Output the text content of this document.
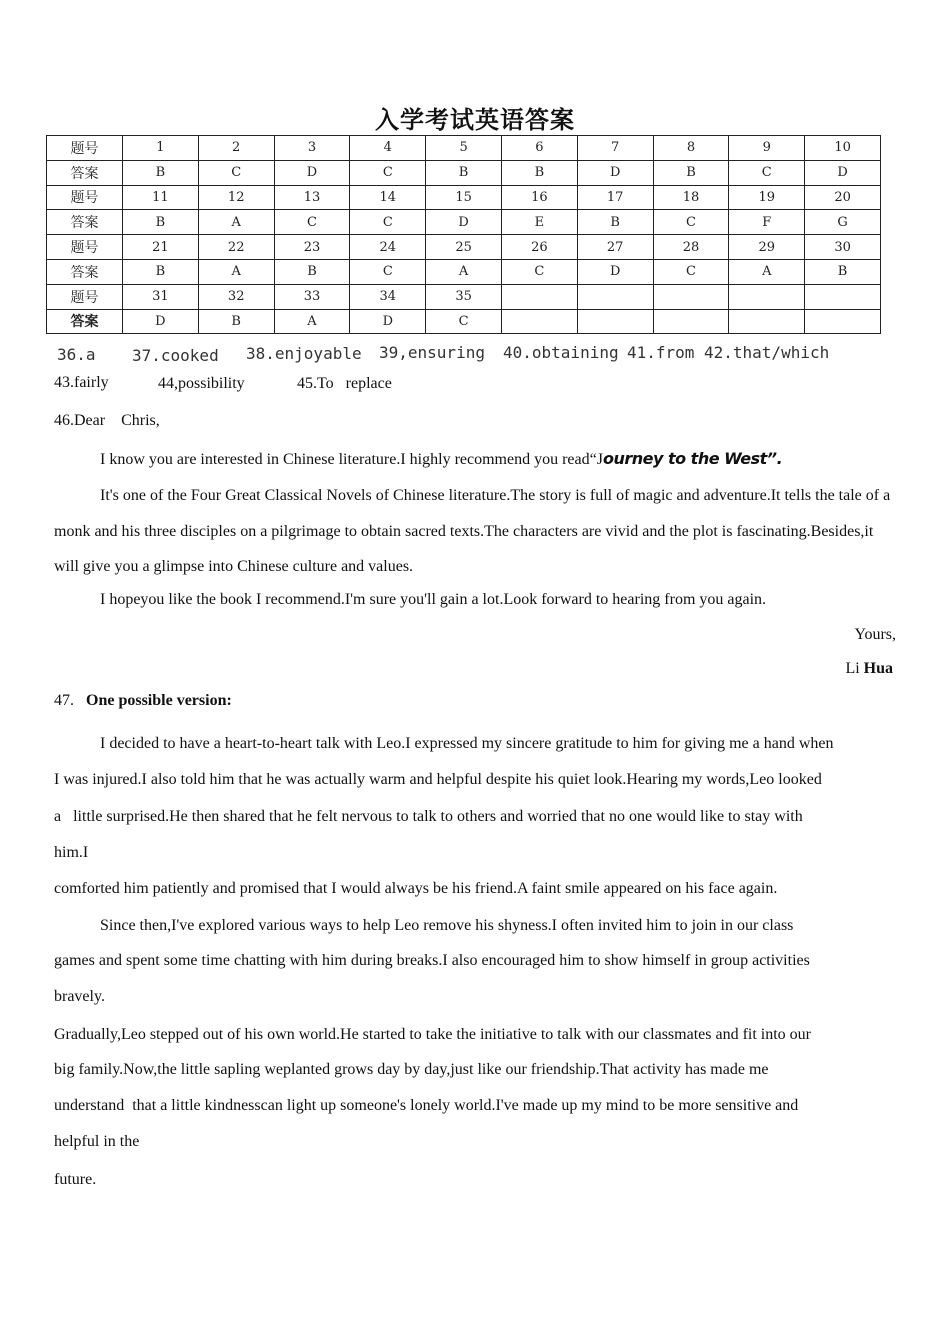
入学考试英语答案
题号	1	2	3	4	5	6	7	8	9	10
答案	B	C	D	C	B	B	D	B	C	D
题号	11	12	13	14	15	16	17	18	19	20
答案	B	A	C	C	D	E	B	C	F	G
题号	21	22	23	24	25	26	27	28	29	30
答案	B	A	B	C	A	C	D	C	A	B
题号	31	32	33	34	35					
答案	D	B	A	D	C					
36.a 37.cooked 38.enjoyable 39,ensuring 40.obtaining 41.from 42.that/which
43.fairly	44,possibility	45.To   replace
46.Dear    Chris,
I know you are interested in Chinese literature.I highly recommend you read“Journey to the West”.
It's one of the Four Great Classical Novels of Chinese literature.The story is full of magic and adventure.It tells the tale of a monk and his three disciples on a pilgrimage to obtain sacred texts.The characters are vivid and the plot is fascinating.Besides,it will give you a glimpse into Chinese culture and values.
I hopeyou like the book I recommend.I'm sure you'll gain a lot.Look forward to hearing from you again.
Yours,
Li Hua
47. One possible version:
I decided to have a heart-to-heart talk with Leo.I expressed my sincere gratitude to him for giving me a hand when
I was injured.I also told him that he was actually warm and helpful despite his quiet look.Hearing my words,Leo looked
a   little surprised.He then shared that he felt nervous to talk to others and worried that no one would like to stay with
him.I
comforted him patiently and promised that I would always be his friend.A faint smile appeared on his face again.
Since then,I've explored various ways to help Leo remove his shyness.I often invited him to join in our class
games and spent some time chatting with him during breaks.I also encouraged him to show himself in group activities
bravely.
Gradually,Leo stepped out of his own world.He started to take the initiative to talk with our classmates and fit into our
big family.Now,the little sapling weplanted grows day by day,just like our friendship.That activity has made me
understand  that a little kindnesscan light up someone's lonely world.I've made up my mind to be more sensitive and
helpful in the
future.
